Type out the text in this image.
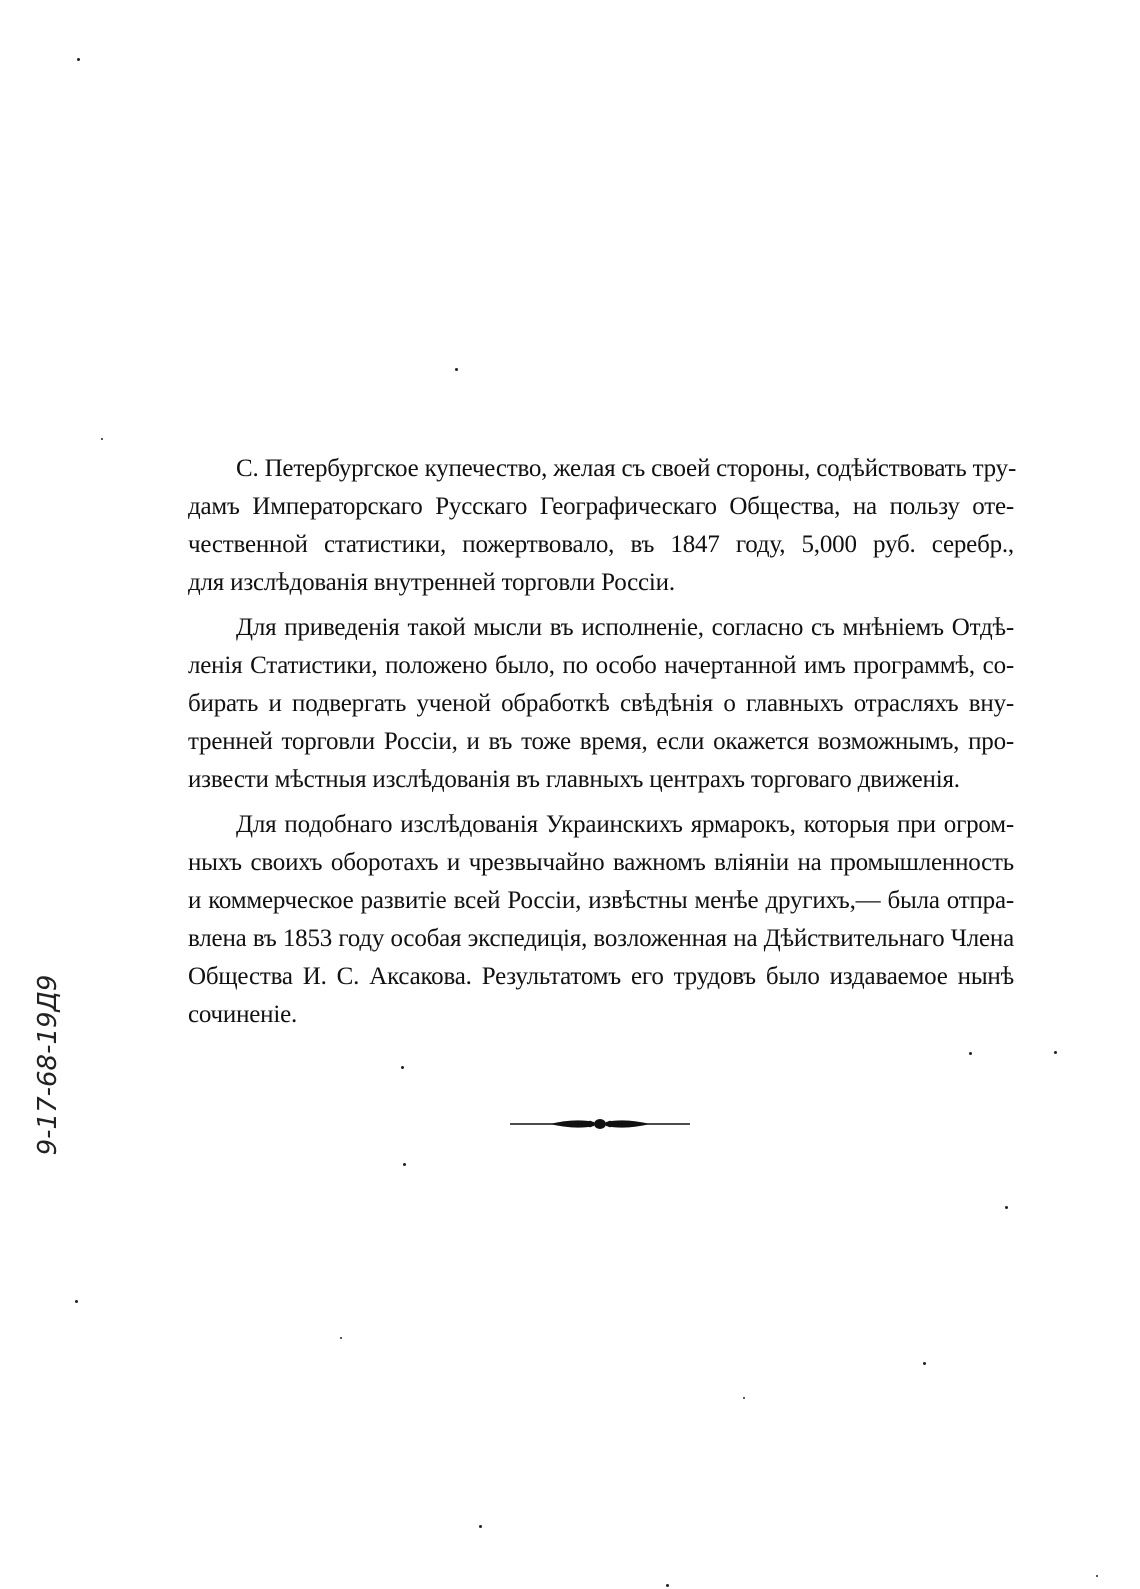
9-17-68-19Д9

С. Петербургское купечество, желая съ своей стороны, содѣйствовать тру-
дамъ Императорскаго Русскаго Географическаго Общества, на пользу оте-
чественной статистики, пожертвовало, въ 1847 году, 5,000 руб. серебр.,
для изслѣдованія внутренней торговли Россіи.

Для приведенія такой мысли въ исполненіе, согласно съ мнѣніемъ Отдѣ-
ленія Статистики, положено было, по особо начертанной имъ программѣ, со-
бирать и подвергать ученой обработкѣ свѣдѣнія о главныхъ отрасляхъ вну-
тренней торговли Россіи, и въ тоже время, если окажется возможнымъ, про-
извести мѣстныя изслѣдованія въ главныхъ центрахъ торговаго движенія.

Для подобнаго изслѣдованія Украинскихъ ярмарокъ, которыя при огром-
ныхъ своихъ оборотахъ и чрезвычайно важномъ вліяніи на промышленность
и коммерческое развитіе всей Россіи, извѣстны менѣе другихъ,— была отпра-
влена въ 1853 году особая экспедиція, возложенная на Дѣйствительнаго Члена
Общества И. С. Аксакова. Результатомъ его трудовъ было издаваемое нынѣ
сочиненіе.
